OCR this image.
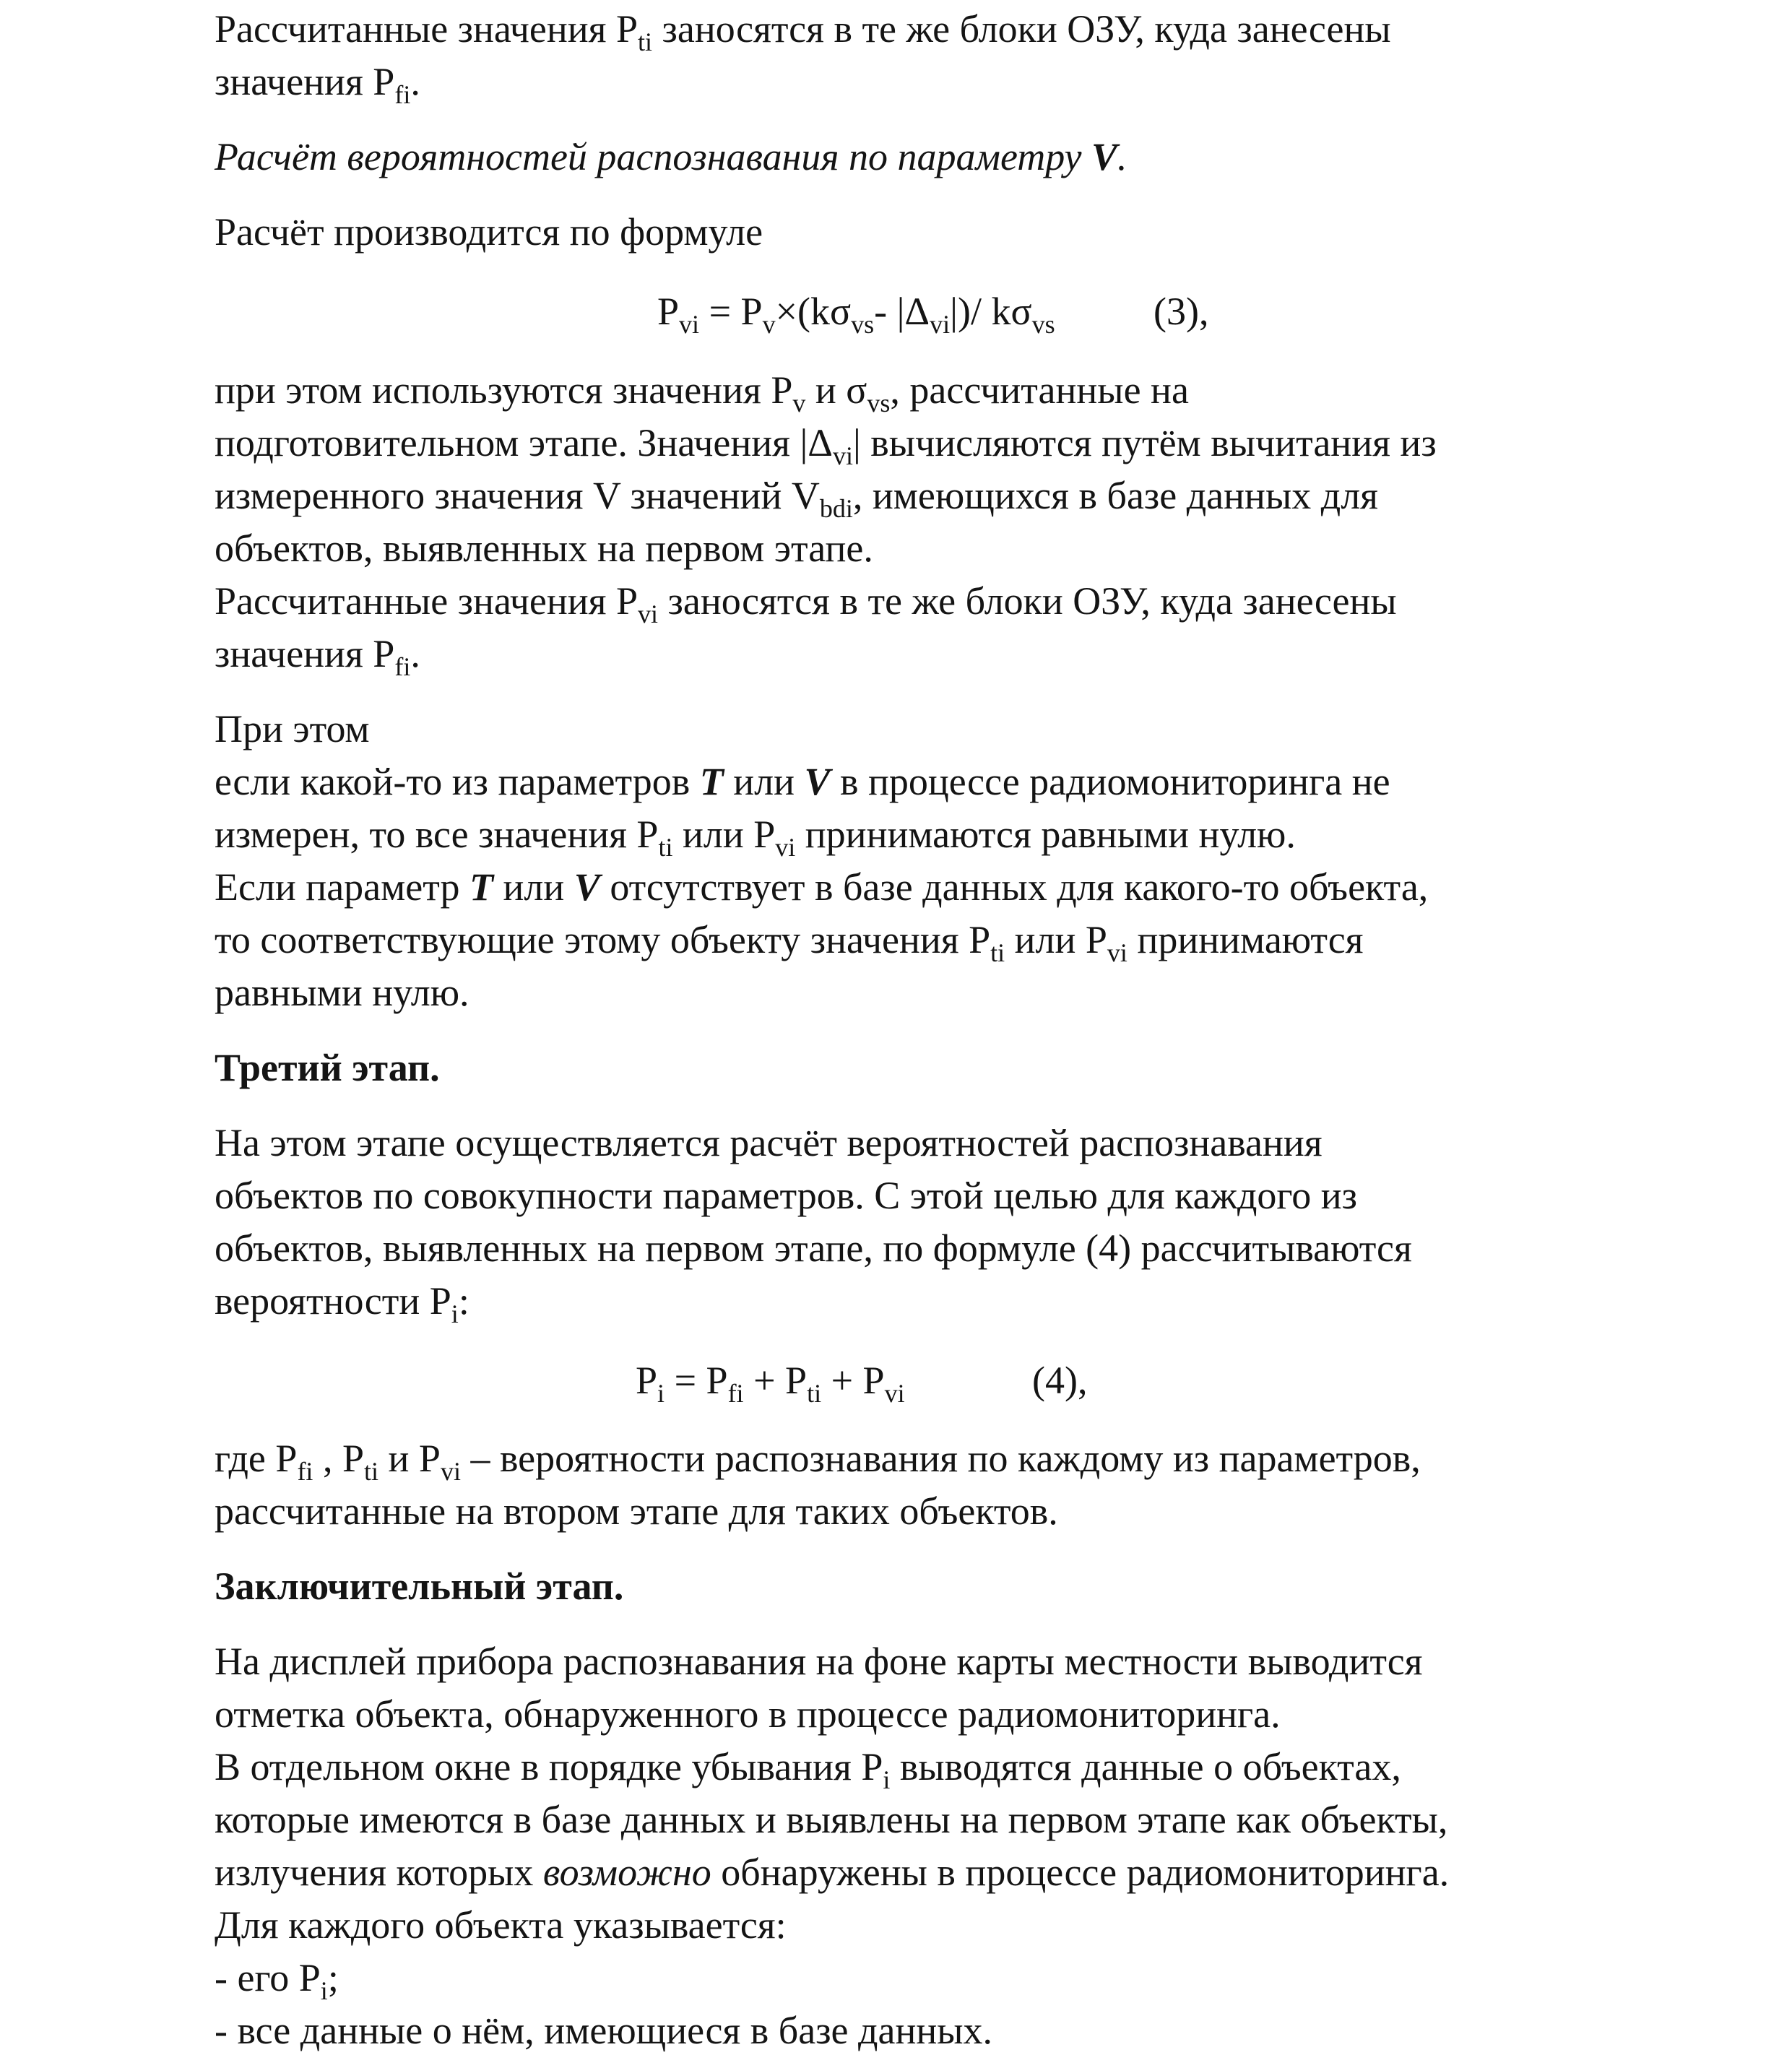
Рассчитанные значения $P_{ti}$ заносятся в те же блоки ОЗУ, куда занесены
значения $P_{fi}$.
Расчёт вероятностей распознавания по параметру V.
Расчёт производится по формуле
$P_{vi} = P_v\times(k\sigma_{vs}-$ $|\Delta_{vi}|)/$ $k\sigma_{vs}$	(3),
при этом используются значения $P_v$ и $\sigma_{vs}$, рассчитанные на
подготовительном этапе. Значения $|\Delta_{vi}|$ вычисляются путём вычитания из
измеренного значения V значений $V_{bdi}$, имеющихся в базе данных для
объектов, выявленных на первом этапе.
Рассчитанные значения $P_{vi}$ заносятся в те же блоки ОЗУ, куда занесены
значения $P_{fi}$.
При этом
если какой-то из параметров T или V в процессе радиомониторинга не
измерен, то все значения $P_{ti}$ или $P_{vi}$ принимаются равными нулю.
Если параметр T или V отсутствует в базе данных для какого-то объекта,
то соответствующие этому объекту значения $P_{ti}$ или $P_{vi}$ принимаются
равными нулю.
Третий этап.
На этом этапе осуществляется расчёт вероятностей распознавания
объектов по совокупности параметров. С этой целью для каждого из
объектов, выявленных на первом этапе, по формуле (4) рассчитываются
вероятности $P_i$:
$P_i = P_{fi} + P_{ti} + P_{vi}$	(4),
где $P_{fi}$ , $P_{ti}$ и $P_{vi}$ – вероятности распознавания по каждому из параметров,
рассчитанные на втором этапе для таких объектов.
Заключительный этап.
На дисплей прибора распознавания на фоне карты местности выводится
отметка объекта, обнаруженного в процессе радиомониторинга.
В отдельном окне в порядке убывания $P_i$ выводятся данные о объектах,
которые имеются в базе данных и выявлены на первом этапе как объекты,
излучения которых возможно обнаружены в процессе радиомониторинга.
Для каждого объекта указывается:
- его $P_i$;
- все данные о нём, имеющиеся в базе данных.
